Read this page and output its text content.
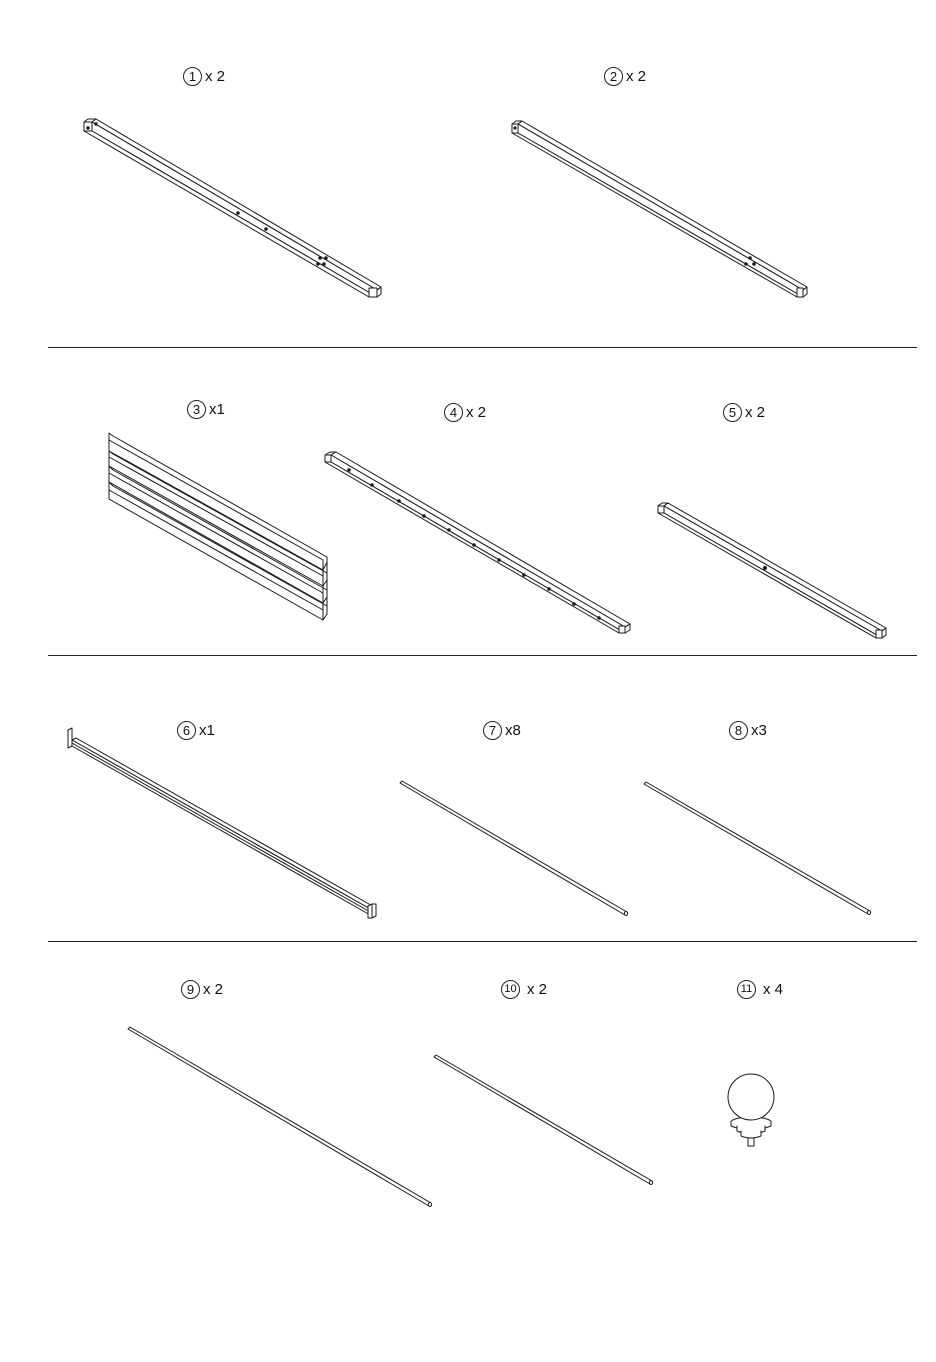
1 x 2	2 x 2
3 x1	4 x 2	5 x 2
6 x1	7 x8	8 x3
9 x 2	10 x 2	11 x 4
